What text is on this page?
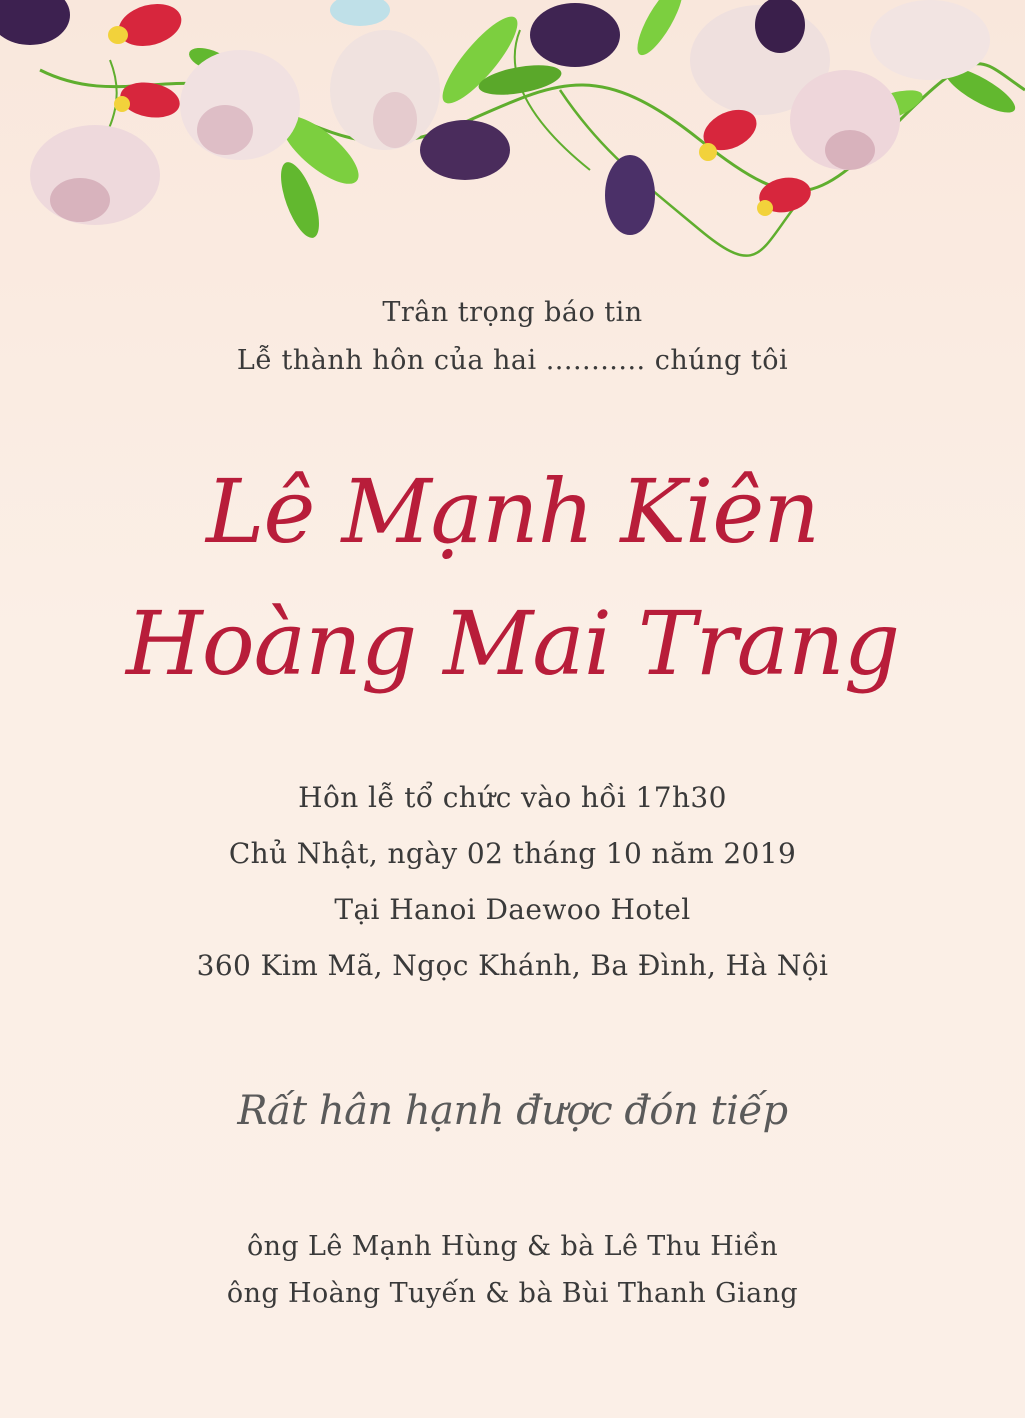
Trân trọng báo tin
Lễ thành hôn của hai ........... chúng tôi
Lê Mạnh Kiên
Hoàng Mai Trang
Hôn lễ tổ chức vào hồi 17h30
Chủ Nhật, ngày 02 tháng 10 năm 2019
Tại Hanoi Daewoo Hotel
360 Kim Mã, Ngọc Khánh, Ba Đình, Hà Nội
Rất hân hạnh được đón tiếp
ông Lê Mạnh Hùng & bà Lê Thu Hiền
ông Hoàng Tuyến & bà Bùi Thanh Giang
